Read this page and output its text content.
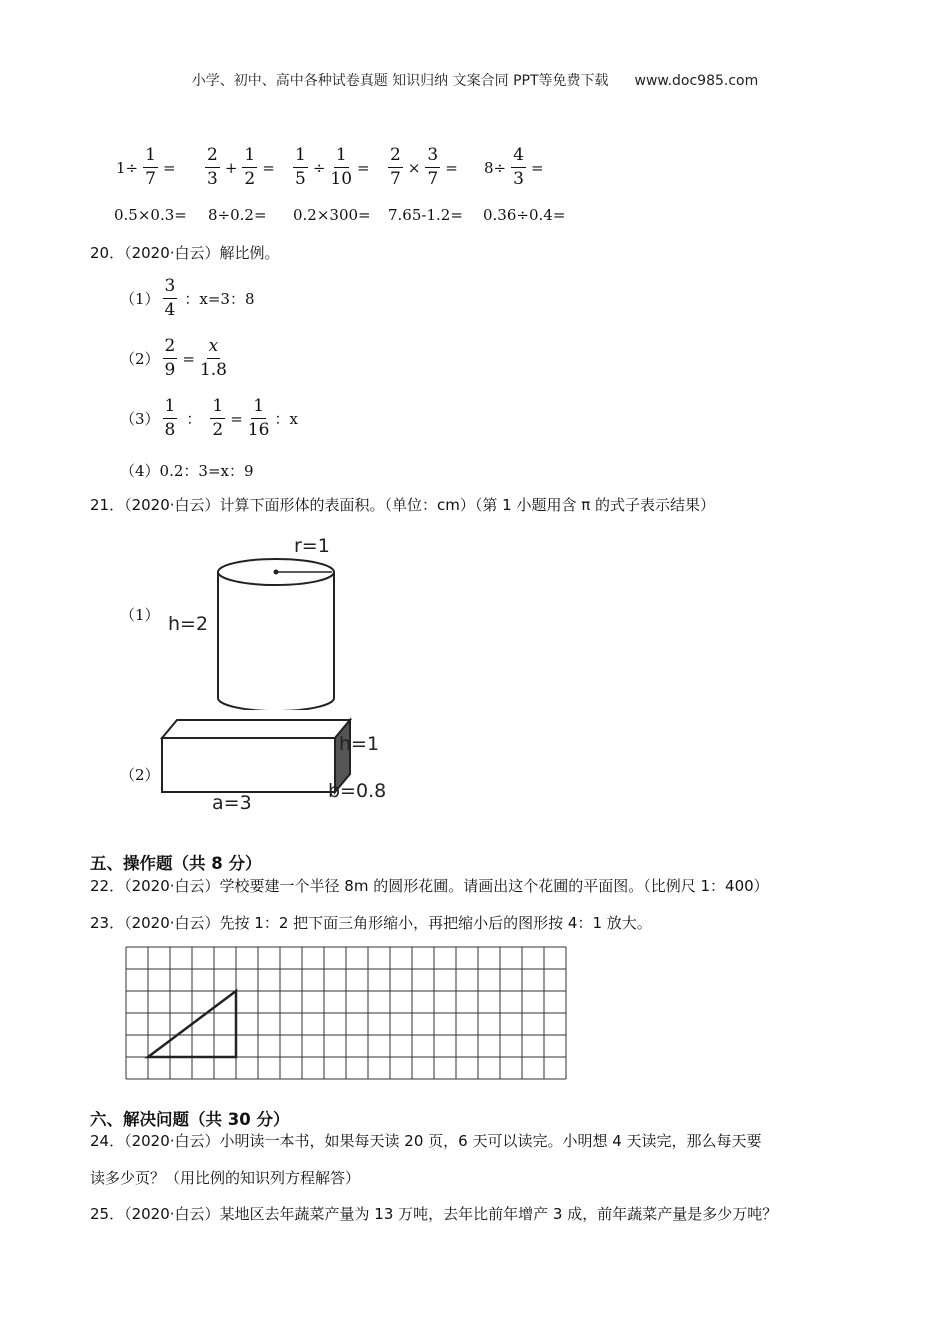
小学、初中、高中各种试卷真题 知识归纳 文案合同 PPT等免费下载 www.doc985.com
$1\div \frac{1}{7} = \frac{2}{3} + \frac{1}{2} = \frac{1}{5} \div \frac{1}{10} = \frac{2}{7} \times \frac{3}{7} = 8\div \frac{4}{3}$ =
0.5×0.3= 8÷0.2= 0.2×300= 7.65-1.2= 0.36÷0.4=
20．（2020·白云）解比例。
$(1) \frac{3}{4}$ ：x=3：8
$(2) \frac{2}{9} = \frac{x}{1.8}$
$(3) \frac{1}{8}$ ： $\frac{1}{2} = \frac{1}{16}$ ：x
（4）0.2：3=x：9
21．（2020·白云）计算下面形体的表面积。（单位：cm）（第 1 小题用含 π 的式子表示结果）
（1）
r=1
h=2
（2）
h=1
b=0.8
a=3
五、操作题（共 8 分）
22．（2020·白云）学校要建一个半径 8m 的圆形花圃。请画出这个花圃的平面图。（比例尺 1：400）
23．（2020·白云）先按 1：2 把下面三角形缩小，再把缩小后的图形按 4：1 放大。
六、解决问题（共 30 分）
24．（2020·白云）小明读一本书，如果每天读 20 页，6 天可以读完。小明想 4 天读完，那么每天要
读多少页？（用比例的知识列方程解答）
25．（2020·白云）某地区去年蔬菜产量为 13 万吨，去年比前年增产 3 成，前年蔬菜产量是多少万吨？
